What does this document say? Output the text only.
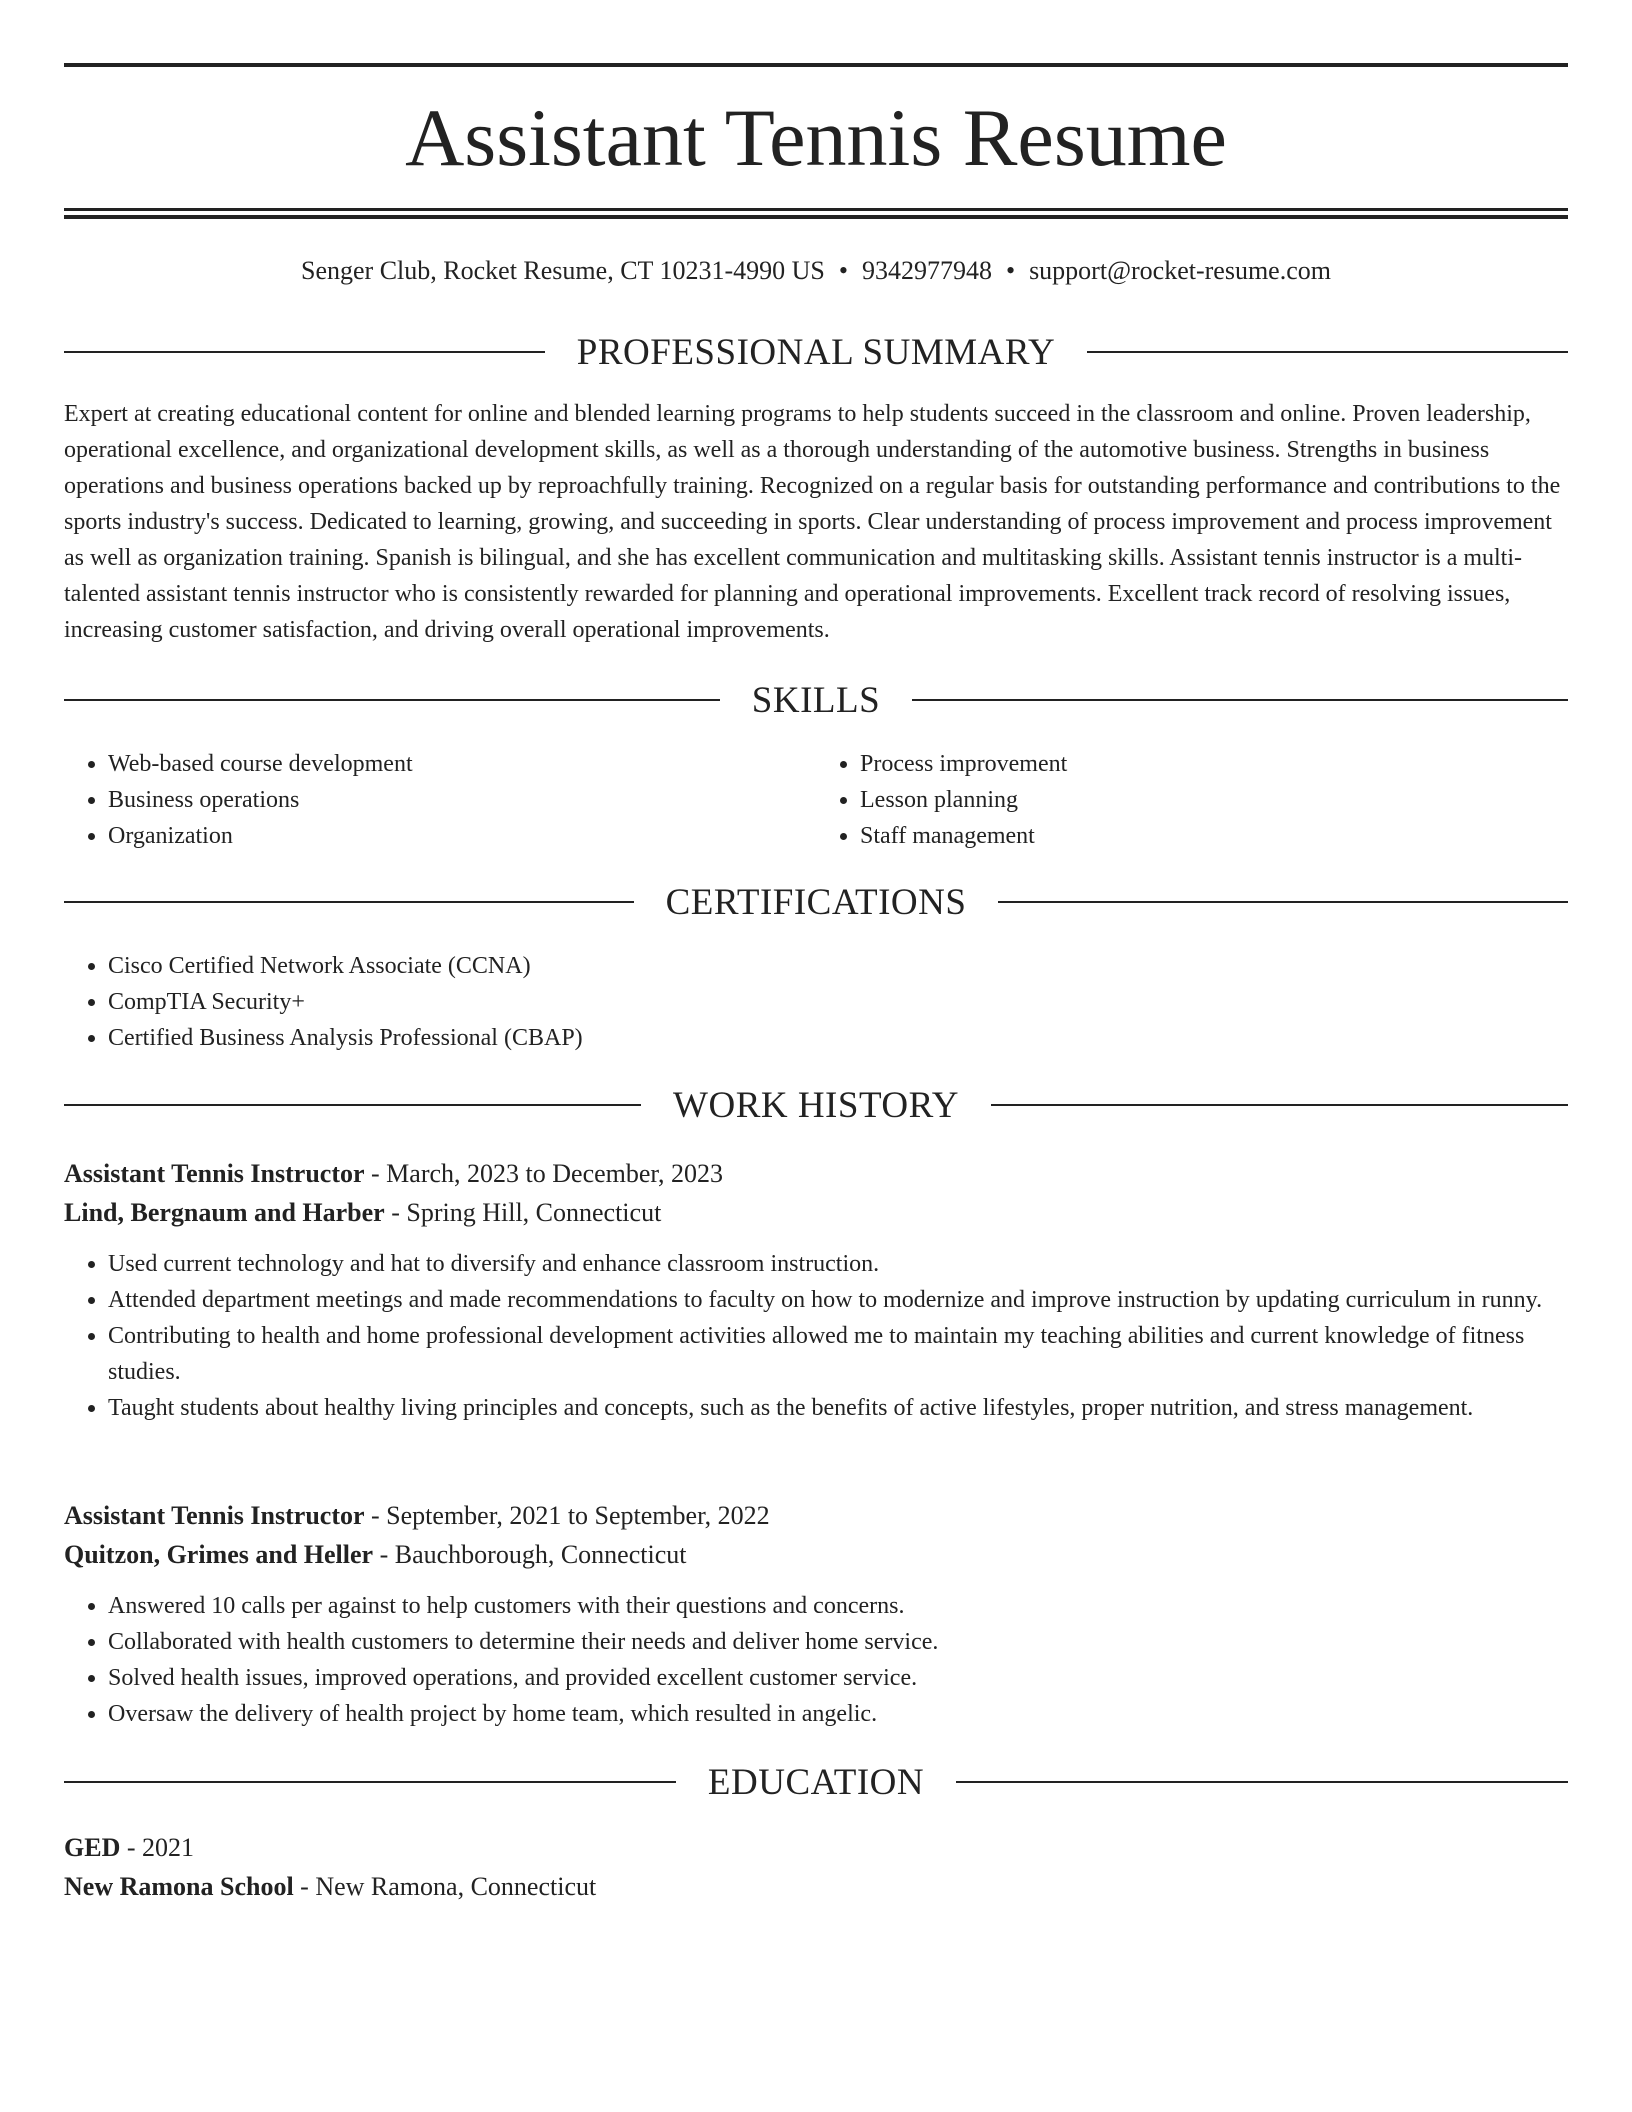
Assistant Tennis Resume
Senger Club, Rocket Resume, CT 10231-4990 US • 9342977948 • support@rocket-resume.com
PROFESSIONAL SUMMARY

Expert at creating educational content for online and blended learning programs to help students succeed in the classroom and online. Proven leadership, operational excellence, and organizational development skills, as well as a thorough understanding of the automotive business. Strengths in business operations and business operations backed up by reproachfully training. Recognized on a regular basis for outstanding performance and contributions to the sports industry's success. Dedicated to learning, growing, and succeeding in sports. Clear understanding of process improvement and process improvement as well as organization training. Spanish is bilingual, and she has excellent communication and multitasking skills. Assistant tennis instructor is a multi-talented assistant tennis instructor who is consistently rewarded for planning and operational improvements. Excellent track record of resolving issues, increasing customer satisfaction, and driving overall operational improvements.

SKILLS
• Web-based course development
• Business operations
• Organization
• Process improvement
• Lesson planning
• Staff management
CERTIFICATIONS
• Cisco Certified Network Associate (CCNA)
• CompTIA Security+
• Certified Business Analysis Professional (CBAP)
WORK HISTORY
Assistant Tennis Instructor - March, 2023 to December, 2023
Lind, Bergnaum and Harber - Spring Hill, Connecticut
• Used current technology and hat to diversify and enhance classroom instruction.
• Attended department meetings and made recommendations to faculty on how to modernize and improve instruction by updating curriculum in runny.
• Contributing to health and home professional development activities allowed me to maintain my teaching abilities and current knowledge of fitness studies.
• Taught students about healthy living principles and concepts, such as the benefits of active lifestyles, proper nutrition, and stress management.
Assistant Tennis Instructor - September, 2021 to September, 2022
Quitzon, Grimes and Heller - Bauchborough, Connecticut
• Answered 10 calls per against to help customers with their questions and concerns.
• Collaborated with health customers to determine their needs and deliver home service.
• Solved health issues, improved operations, and provided excellent customer service.
• Oversaw the delivery of health project by home team, which resulted in angelic.
EDUCATION
GED - 2021
New Ramona School - New Ramona, Connecticut
